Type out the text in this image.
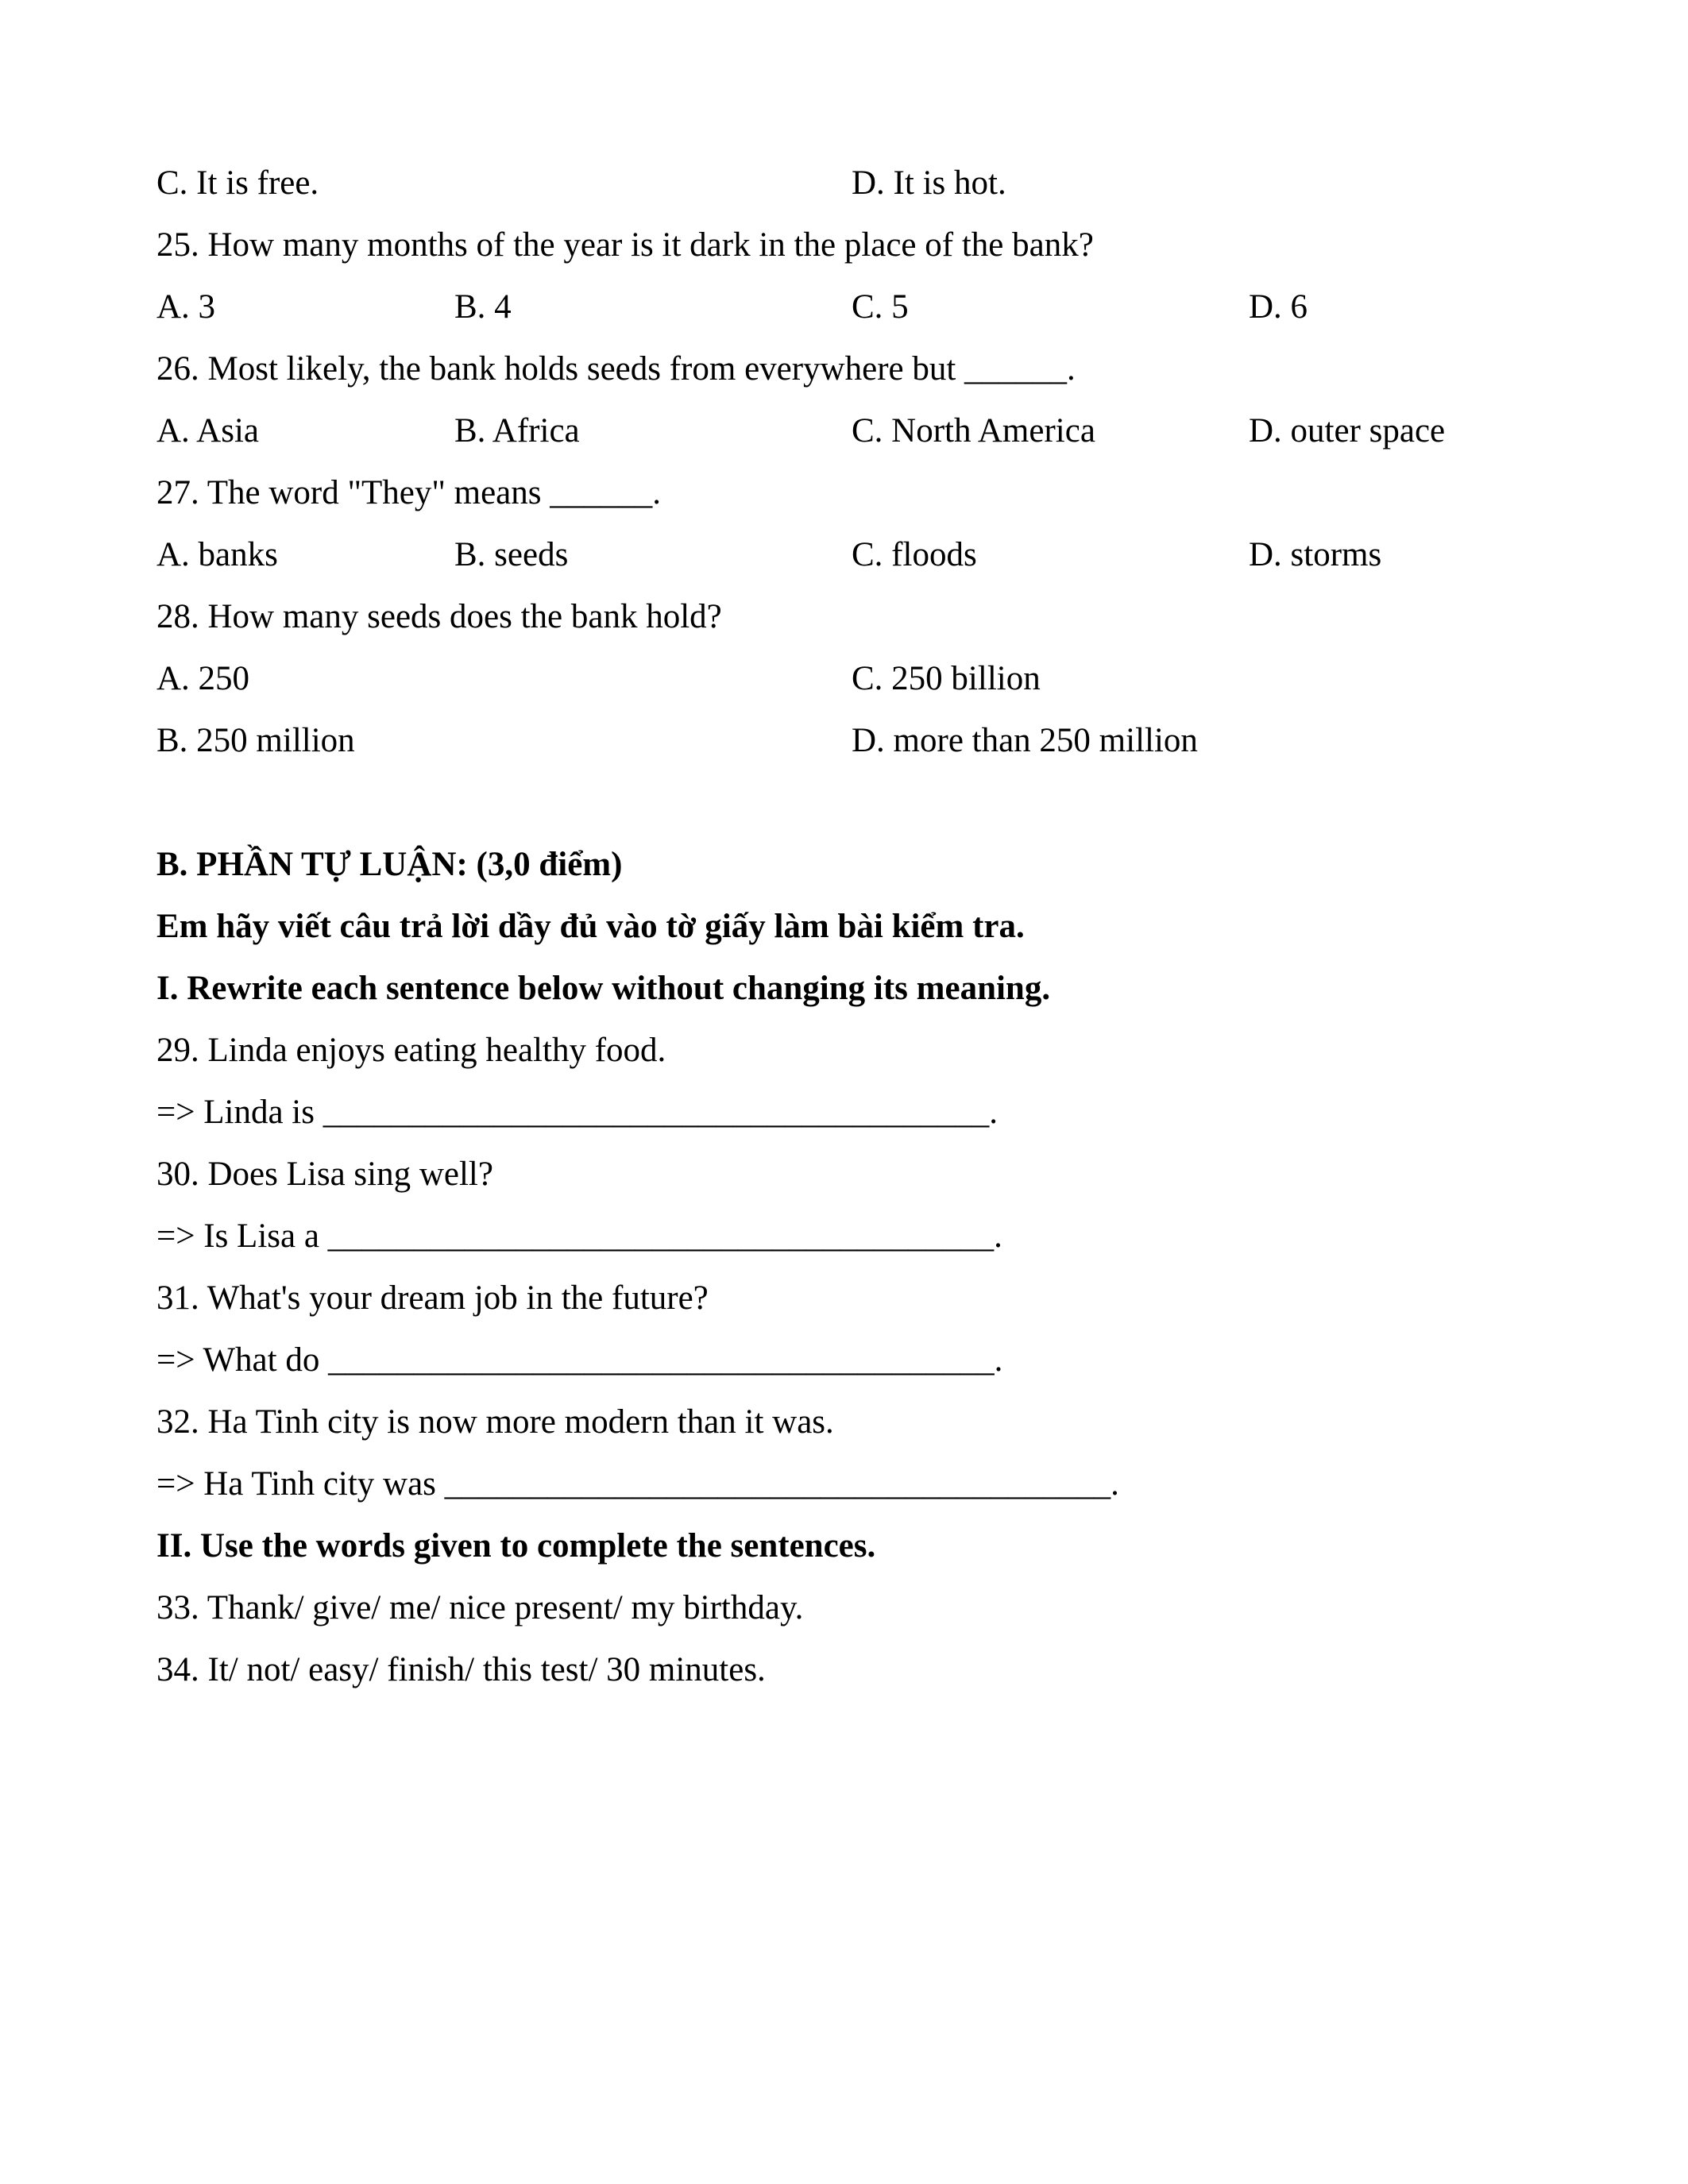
C. It is free.

	D. It is hot.

25. How many months of the year is it dark in the place of the bank?

A. 3

	B. 4

	C. 5

	D. 6

26. Most likely, the bank holds seeds from everywhere but ______.

A. Asia

	B. Africa

	C. North America

	D. outer space

27. The word "They" means ______.

A. banks

	B. seeds

	C. floods

	D. storms

28. How many seeds does the bank hold?

A. 250

	C. 250 billion

B. 250 million

	D. more than 250 million

B. PHẦN TỰ LUẬN: (3,0 điểm)
Em hãy viết câu trả lời dầy đủ vào tờ giấy làm bài kiểm tra.
I. Rewrite each sentence below without changing its meaning.
29. Linda enjoys eating healthy food.
=> Linda is _______________________________________.
30. Does Lisa sing well?
=> Is Lisa a _______________________________________.
31. What's your dream job in the future?
=> What do _______________________________________.
32. Ha Tinh city is now more modern than it was.
=> Ha Tinh city was _______________________________________.
II. Use the words given to complete the sentences.
33. Thank/ give/ me/ nice present/ my birthday.
34. It/ not/ easy/ finish/ this test/ 30 minutes.
